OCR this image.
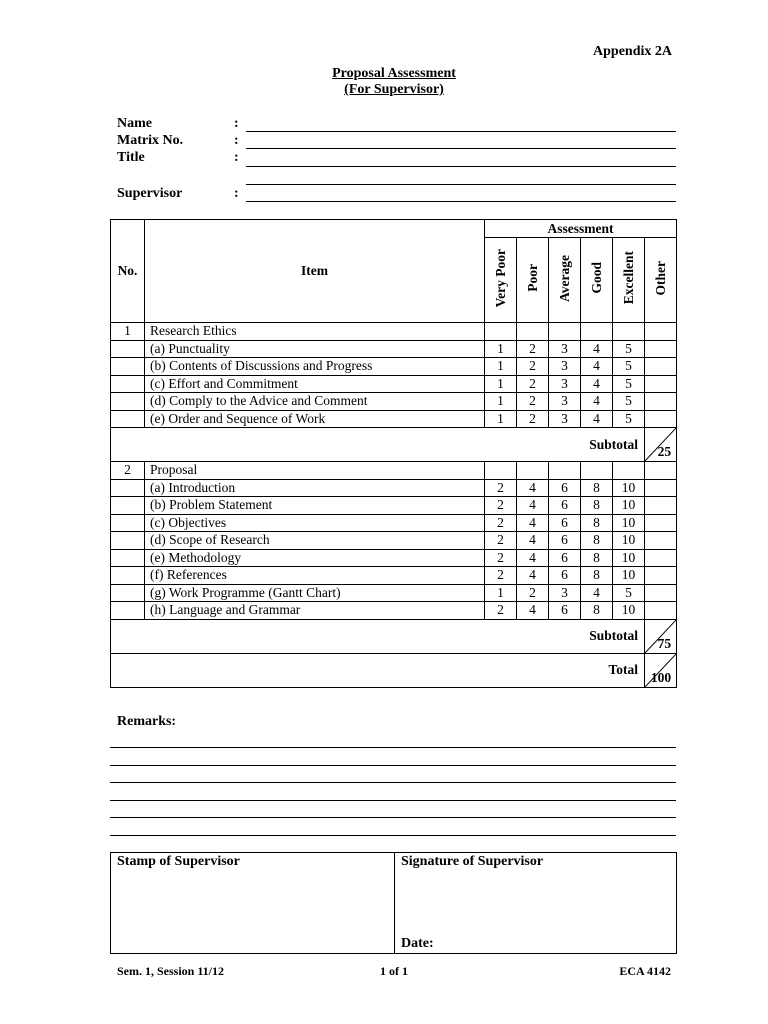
Appendix 2A
Proposal Assessment
(For Supervisor)
Name	:
Matrix No.	:
Title	:
Supervisor	:
No.	Item	Assessment					
		Very Poor	Poor	Average	Good	Excellent	Other
1	Research Ethics						
	(a) Punctuality	1	2	3	4	5	
	(b) Contents of Discussions and Progress	1	2	3	4	5	
	(c) Effort and Commitment	1	2	3	4	5	
	(d) Comply to the Advice and Comment	1	2	3	4	5	
	(e) Order and Sequence of Work	1	2	3	4	5	
Subtotal							25

2	Proposal						
	(a) Introduction	2	4	6	8	10	
	(b) Problem Statement	2	4	6	8	10	
	(c) Objectives	2	4	6	8	10	
	(d) Scope of Research	2	4	6	8	10	
	(e) Methodology	2	4	6	8	10	
	(f) References	2	4	6	8	10	
	(g) Work Programme (Gantt Chart)	1	2	3	4	5	
	(h) Language and Grammar	2	4	6	8	10	
Subtotal							75

Total							100
Remarks:
Stamp of Supervisor	Signature of Supervisor
Date:
Sem. 1, Session 11/12	1 of 1	ECA 4142
